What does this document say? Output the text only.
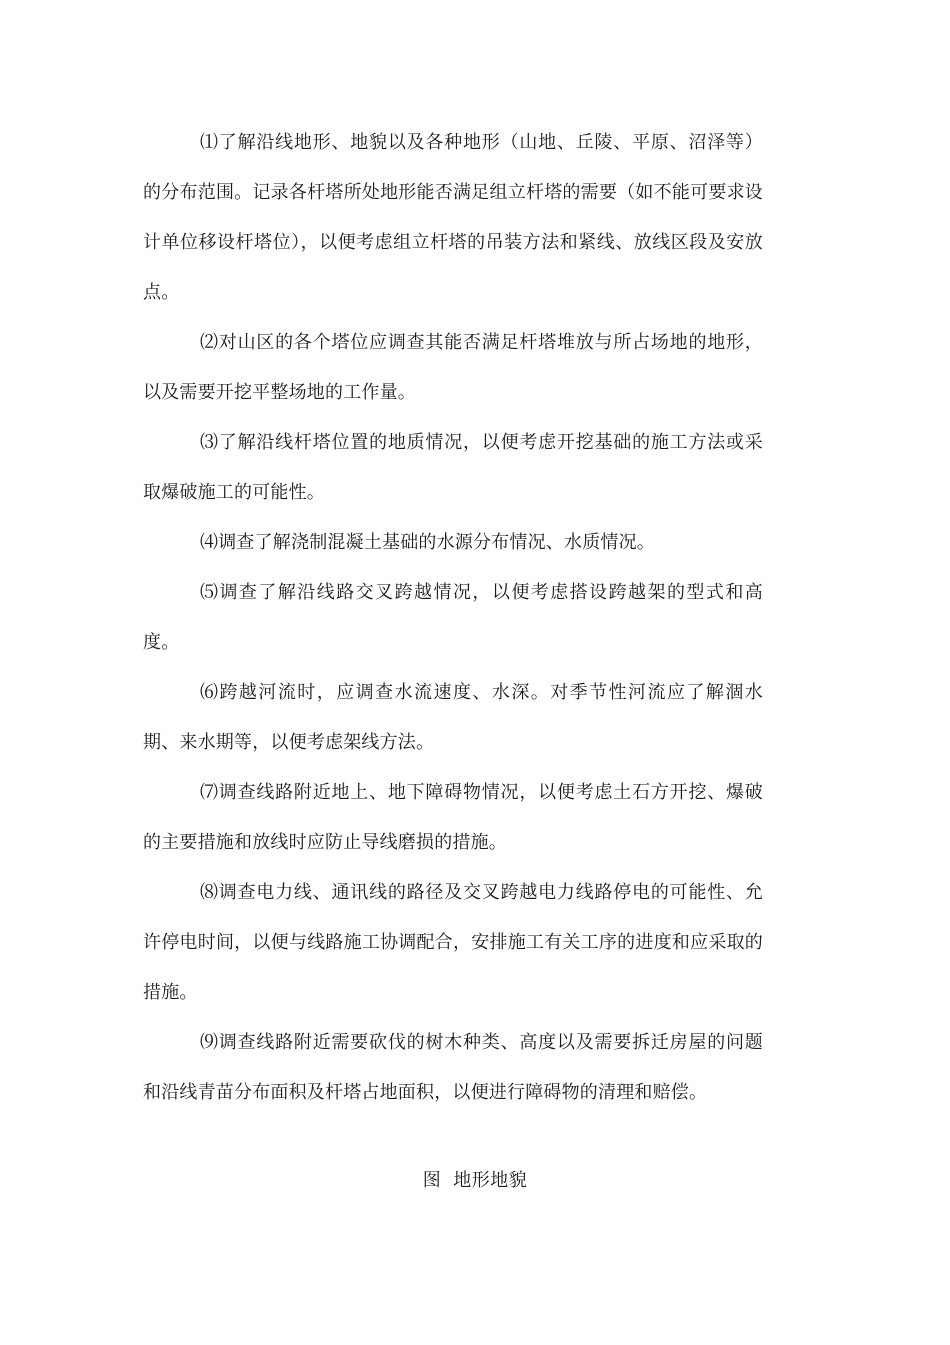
⑴了解沿线地形、地貌以及各种地形（山地、丘陵、平原、沼泽等）的分布范围。记录各杆塔所处地形能否满足组立杆塔的需要（如不能可要求设计单位移设杆塔位），以便考虑组立杆塔的吊装方法和紧线、放线区段及安放点。

⑵对山区的各个塔位应调查其能否满足杆塔堆放与所占场地的地形，以及需要开挖平整场地的工作量。

⑶了解沿线杆塔位置的地质情况，以便考虑开挖基础的施工方法或采取爆破施工的可能性。

⑷调查了解浇制混凝土基础的水源分布情况、水质情况。

⑸调查了解沿线路交叉跨越情况，以便考虑搭设跨越架的型式和高度。

⑹跨越河流时，应调查水流速度、水深。对季节性河流应了解涸水期、来水期等，以便考虑架线方法。

⑺调查线路附近地上、地下障碍物情况，以便考虑土石方开挖、爆破的主要措施和放线时应防止导线磨损的措施。

⑻调查电力线、通讯线的路径及交叉跨越电力线路停电的可能性、允许停电时间，以便与线路施工协调配合，安排施工有关工序的进度和应采取的措施。

⑼调查线路附近需要砍伐的树木种类、高度以及需要拆迁房屋的问题和沿线青苗分布面积及杆塔占地面积，以便进行障碍物的清理和赔偿。

图 地形地貌
